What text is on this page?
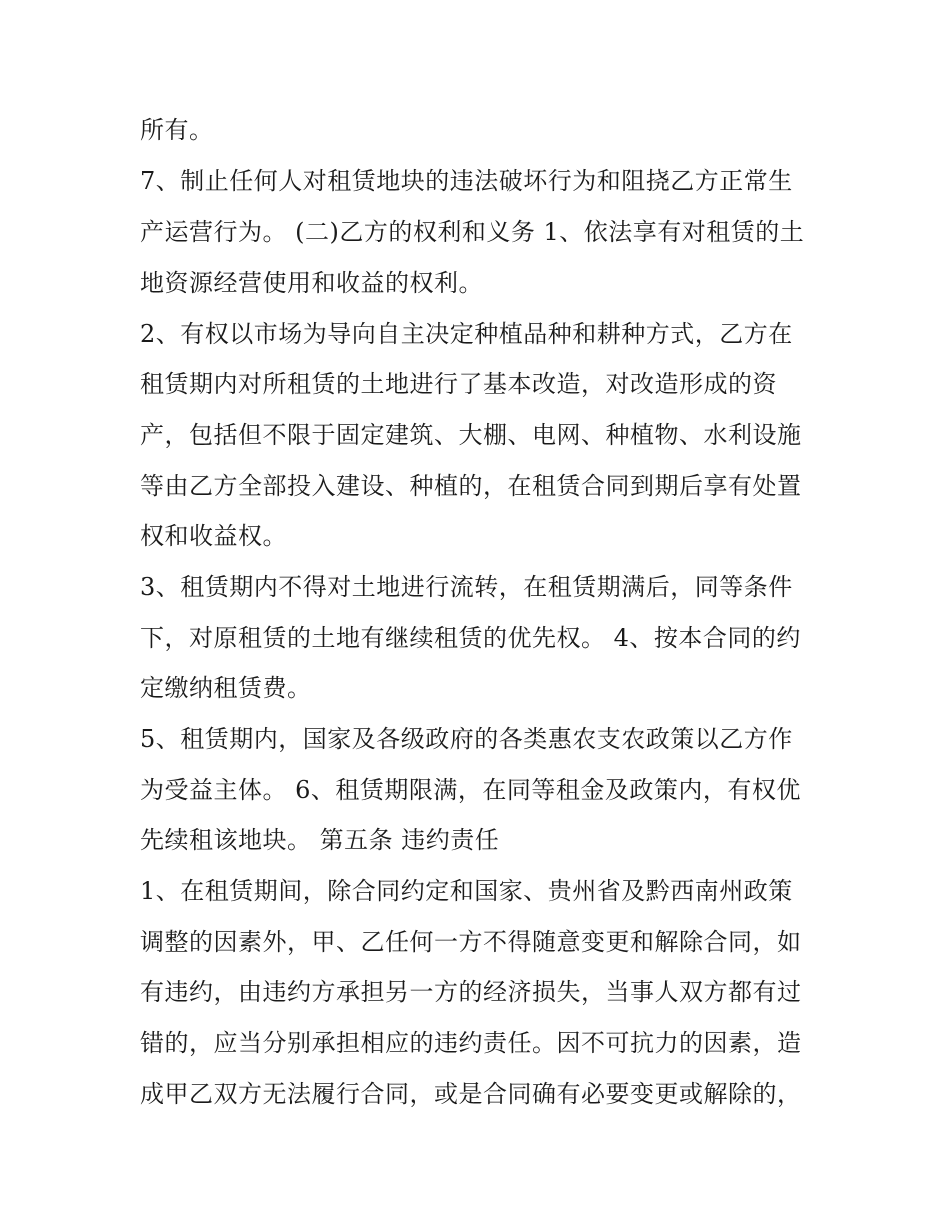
所有。
7、制止任何人对租赁地块的违法破坏行为和阻挠乙方正常生
产运营行为。 (二)乙方的权利和义务 1、依法享有对租赁的土
地资源经营使用和收益的权利。
2、有权以市场为导向自主决定种植品种和耕种方式，乙方在
租赁期内对所租赁的土地进行了基本改造，对改造形成的资
产，包括但不限于固定建筑、大棚、电网、种植物、水利设施
等由乙方全部投入建设、种植的，在租赁合同到期后享有处置
权和收益权。
3、租赁期内不得对土地进行流转，在租赁期满后，同等条件
下，对原租赁的土地有继续租赁的优先权。 4、按本合同的约
定缴纳租赁费。
5、租赁期内，国家及各级政府的各类惠农支农政策以乙方作
为受益主体。 6、租赁期限满，在同等租金及政策内，有权优
先续租该地块。 第五条 违约责任
1、在租赁期间，除合同约定和国家、贵州省及黔西南州政策
调整的因素外，甲、乙任何一方不得随意变更和解除合同，如
有违约，由违约方承担另一方的经济损失，当事人双方都有过
错的，应当分别承担相应的违约责任。因不可抗力的因素，造
成甲乙双方无法履行合同，或是合同确有必要变更或解除的，
